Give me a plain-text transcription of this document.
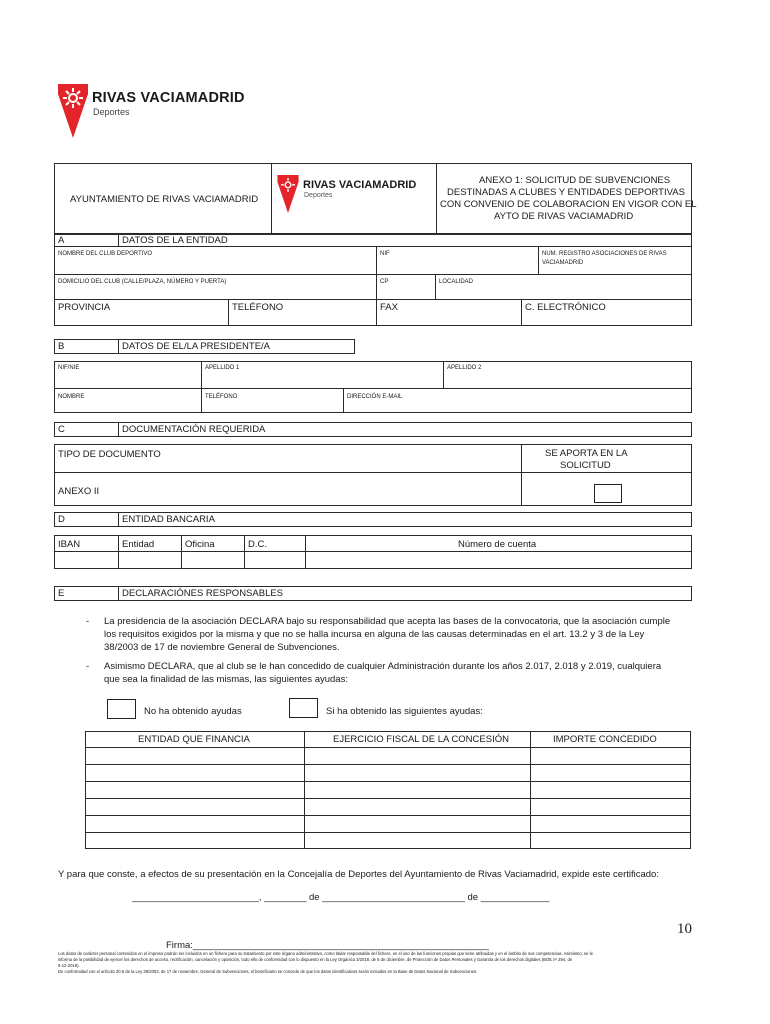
RIVAS VACIAMADRID
Deportes
AYUNTAMIENTO DE RIVAS VACIAMADRID
RIVAS VACIAMADRID
Deportes
ANEXO 1: SOLICITUD DE SUBVENCIONES
DESTINADAS A CLUBES Y ENTIDADES DEPORTIVAS
CON CONVENIO DE COLABORACION EN VIGOR CON EL
AYTO DE RIVAS VACIAMADRID
A	DATOS DE LA ENTIDAD
NOMBRE DEL CLUB DEPORTIVO	NIF	NUM. REGISTRO ASOCIACIONES DE RIVAS
VACIAMADRID
DOMICILIO DEL CLUB (CALLE/PLAZA, NÚMERO Y PUERTA)	CP	LOCALIDAD
PROVINCIA	TELÉFONO	FAX	C. ELECTRÓNICO
B	DATOS DE EL/LA PRESIDENTE/A
NIF/NIE	APELLIDO 1	APELLIDO 2
NOMBRE	TELÉFONO	DIRECCIÓN E-MAIL
C	DOCUMENTACIÓN REQUERIDA
TIPO DE DOCUMENTO	SE APORTA EN LA
SOLICITUD
ANEXO II
D	ENTIDAD BANCARIA
IBAN	Entidad	Oficina	D.C.	Número de cuenta
E	DECLARACIÓNES RESPONSABLES
- La presidencia de la asociación DECLARA bajo su responsabilidad que acepta las bases de la convocatoria, que la asociación cumple
los requisitos exigidos por la misma y que no se halla incursa en alguna de las causas determinadas en el art. 13.2 y 3 de la Ley
38/2003 de 17 de noviembre General de Subvenciones.
- Asimismo DECLARA, que al club se le han concedido de cualquier Administración durante los años 2.017, 2.018 y 2.019, cualquiera
que sea la finalidad de las mismas, las siguientes ayudas:
No ha obtenido ayudas	Si ha obtenido las siguientes ayudas:
ENTIDAD QUE FINANCIA	EJERCICIO FISCAL DE LA CONCESIÓN	IMPORTE CONCEDIDO
Y para que conste, a efectos de su presentación en la Concejalía de Deportes del Ayuntamiento de Rivas Vaciamadrid, expide este certificado:
________________________, ________ de ___________________________ de _____________
10
Firma:________________________________________________________
Los datos de carácter personal contenidos en el impreso podrán ser incluidos en un fichero para su tratamiento por este órgano administrativo, como titular responsable del fichero, en el uso de las funciones propias que tiene atribuidas y en el ámbito de sus competencias. Asimismo, se le
informa de la posibilidad de ejercer los derechos de acceso, rectificación, cancelación y oposición, todo ello de conformidad con lo dispuesto en la Ley Orgánica 3/2018, de 5 de diciembre, de Protección de Datos Personales y Garantía de los derechos digitales (BOE nº 294, de
6-12-2018).
De conformidad con el artículo 20.8 de la Ley 38/2003, de 17 de noviembre, General de Subvenciones, el beneficiario se concede de que los datos identificativos serán incluidos en la Base de Datos Nacional de Subvenciones.
